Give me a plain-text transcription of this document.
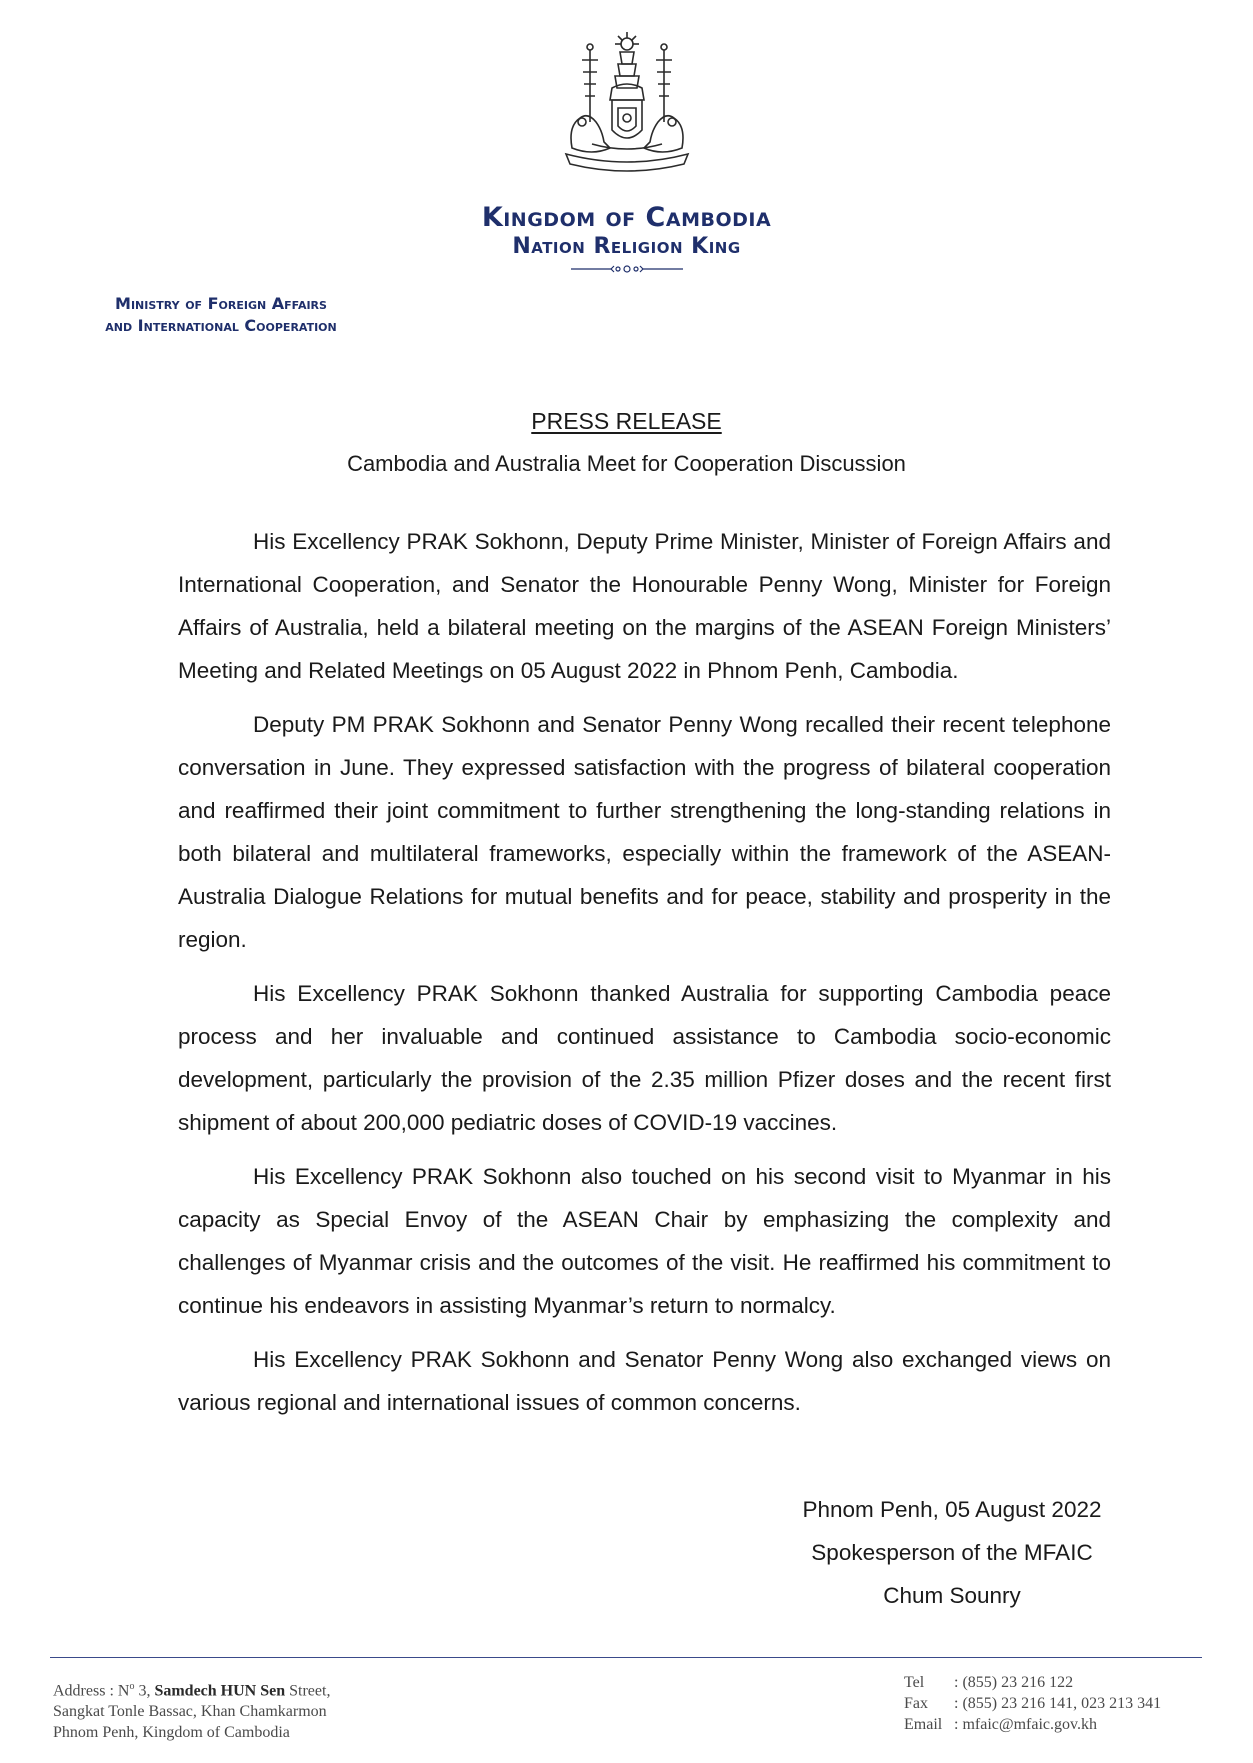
Kingdom of Cambodia
Nation Religion King
Ministry of Foreign Affairs
and International Cooperation
PRESS RELEASE
Cambodia and Australia Meet for Cooperation Discussion

His Excellency PRAK Sokhonn, Deputy Prime Minister, Minister of Foreign Affairs and International Cooperation, and Senator the Honourable Penny Wong, Minister for Foreign Affairs of Australia, held a bilateral meeting on the margins of the ASEAN Foreign Ministers’ Meeting and Related Meetings on 05 August 2022 in Phnom Penh, Cambodia.

Deputy PM PRAK Sokhonn and Senator Penny Wong recalled their recent telephone conversation in June. They expressed satisfaction with the progress of bilateral cooperation and reaffirmed their joint commitment to further strengthening the long-standing relations in both bilateral and multilateral frameworks, especially within the framework of the ASEAN-Australia Dialogue Relations for mutual benefits and for peace, stability and prosperity in the region.

His Excellency PRAK Sokhonn thanked Australia for supporting Cambodia peace process and her invaluable and continued assistance to Cambodia socio-economic development, particularly the provision of the 2.35 million Pfizer doses and the recent first shipment of about 200,000 pediatric doses of COVID-19 vaccines.

His Excellency PRAK Sokhonn also touched on his second visit to Myanmar in his capacity as Special Envoy of the ASEAN Chair by emphasizing the complexity and challenges of Myanmar crisis and the outcomes of the visit. He reaffirmed his commitment to continue his endeavors in assisting Myanmar’s return to normalcy.

His Excellency PRAK Sokhonn and Senator Penny Wong also exchanged views on various regional and international issues of common concerns.

Phnom Penh, 05 August 2022
Spokesperson of the MFAIC
Chum Sounry
Address : $N^o$ 3, Samdech HUN Sen Street,
Sangkat Tonle Bassac, Khan Chamkarmon
Phnom Penh, Kingdom of Cambodia
Tel : (855) 23 216 122
Fax : (855) 23 216 141, 023 213 341
Email : mfaic@mfaic.gov.kh
